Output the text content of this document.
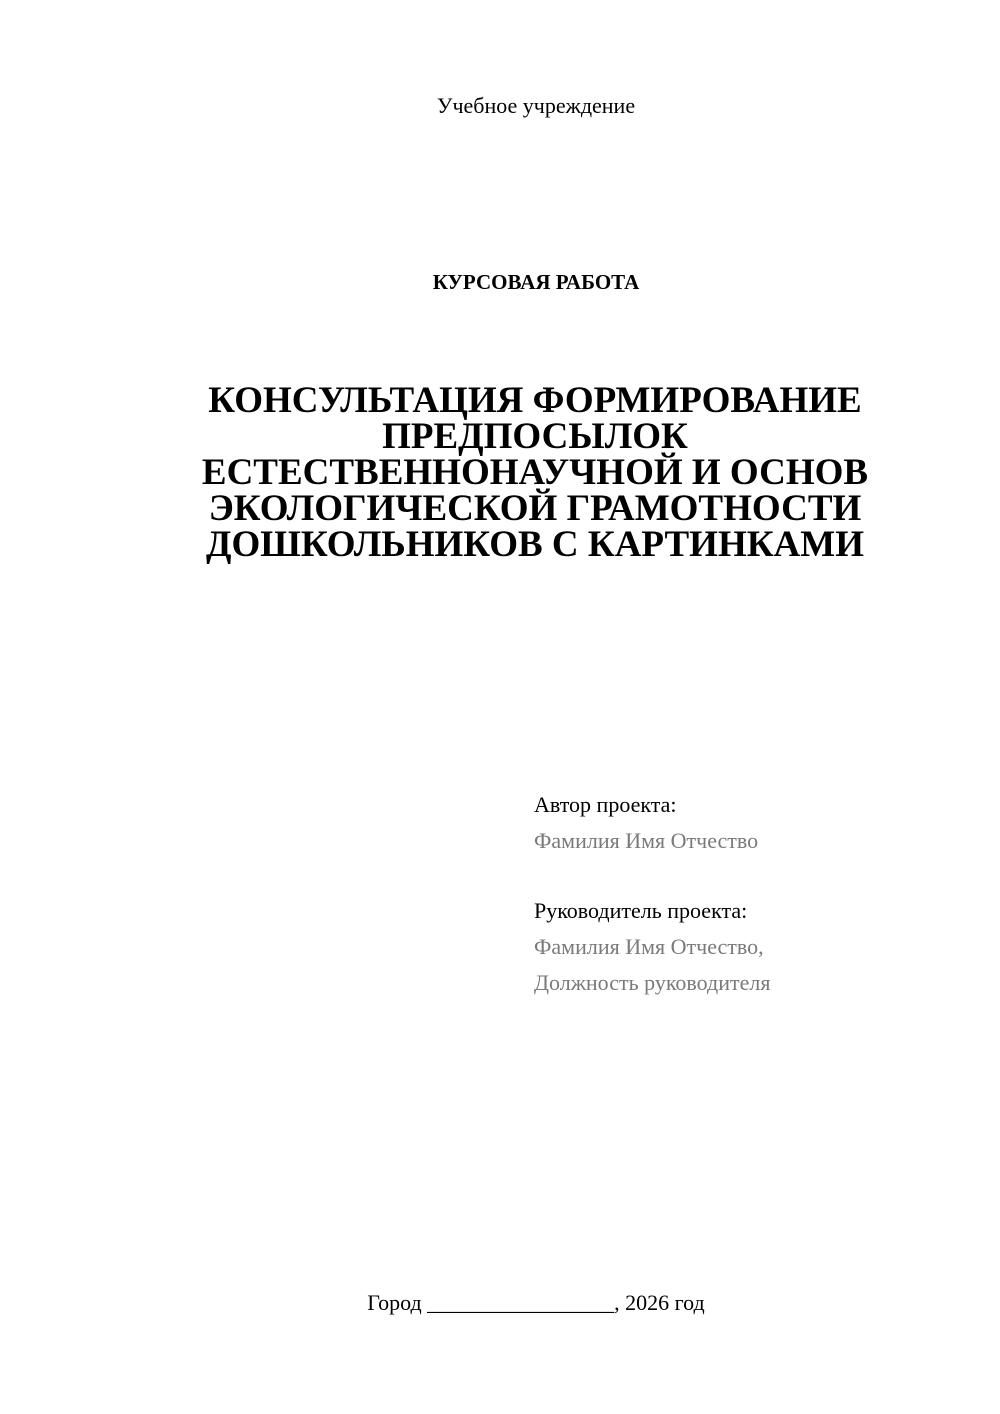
Учебное учреждение
КУРСОВАЯ РАБОТА
КОНСУЛЬТАЦИЯ ФОРМИРОВАНИЕ
ПРЕДПОСЫЛОК
ЕСТЕСТВЕННОНАУЧНОЙ И ОСНОВ
ЭКОЛОГИЧЕСКОЙ ГРАМОТНОСТИ
ДОШКОЛЬНИКОВ С КАРТИНКАМИ
Автор проекта:
Фамилия Имя Отчество
Руководитель проекта:
Фамилия Имя Отчество,
Должность руководителя
Город _________________, 2026 год
